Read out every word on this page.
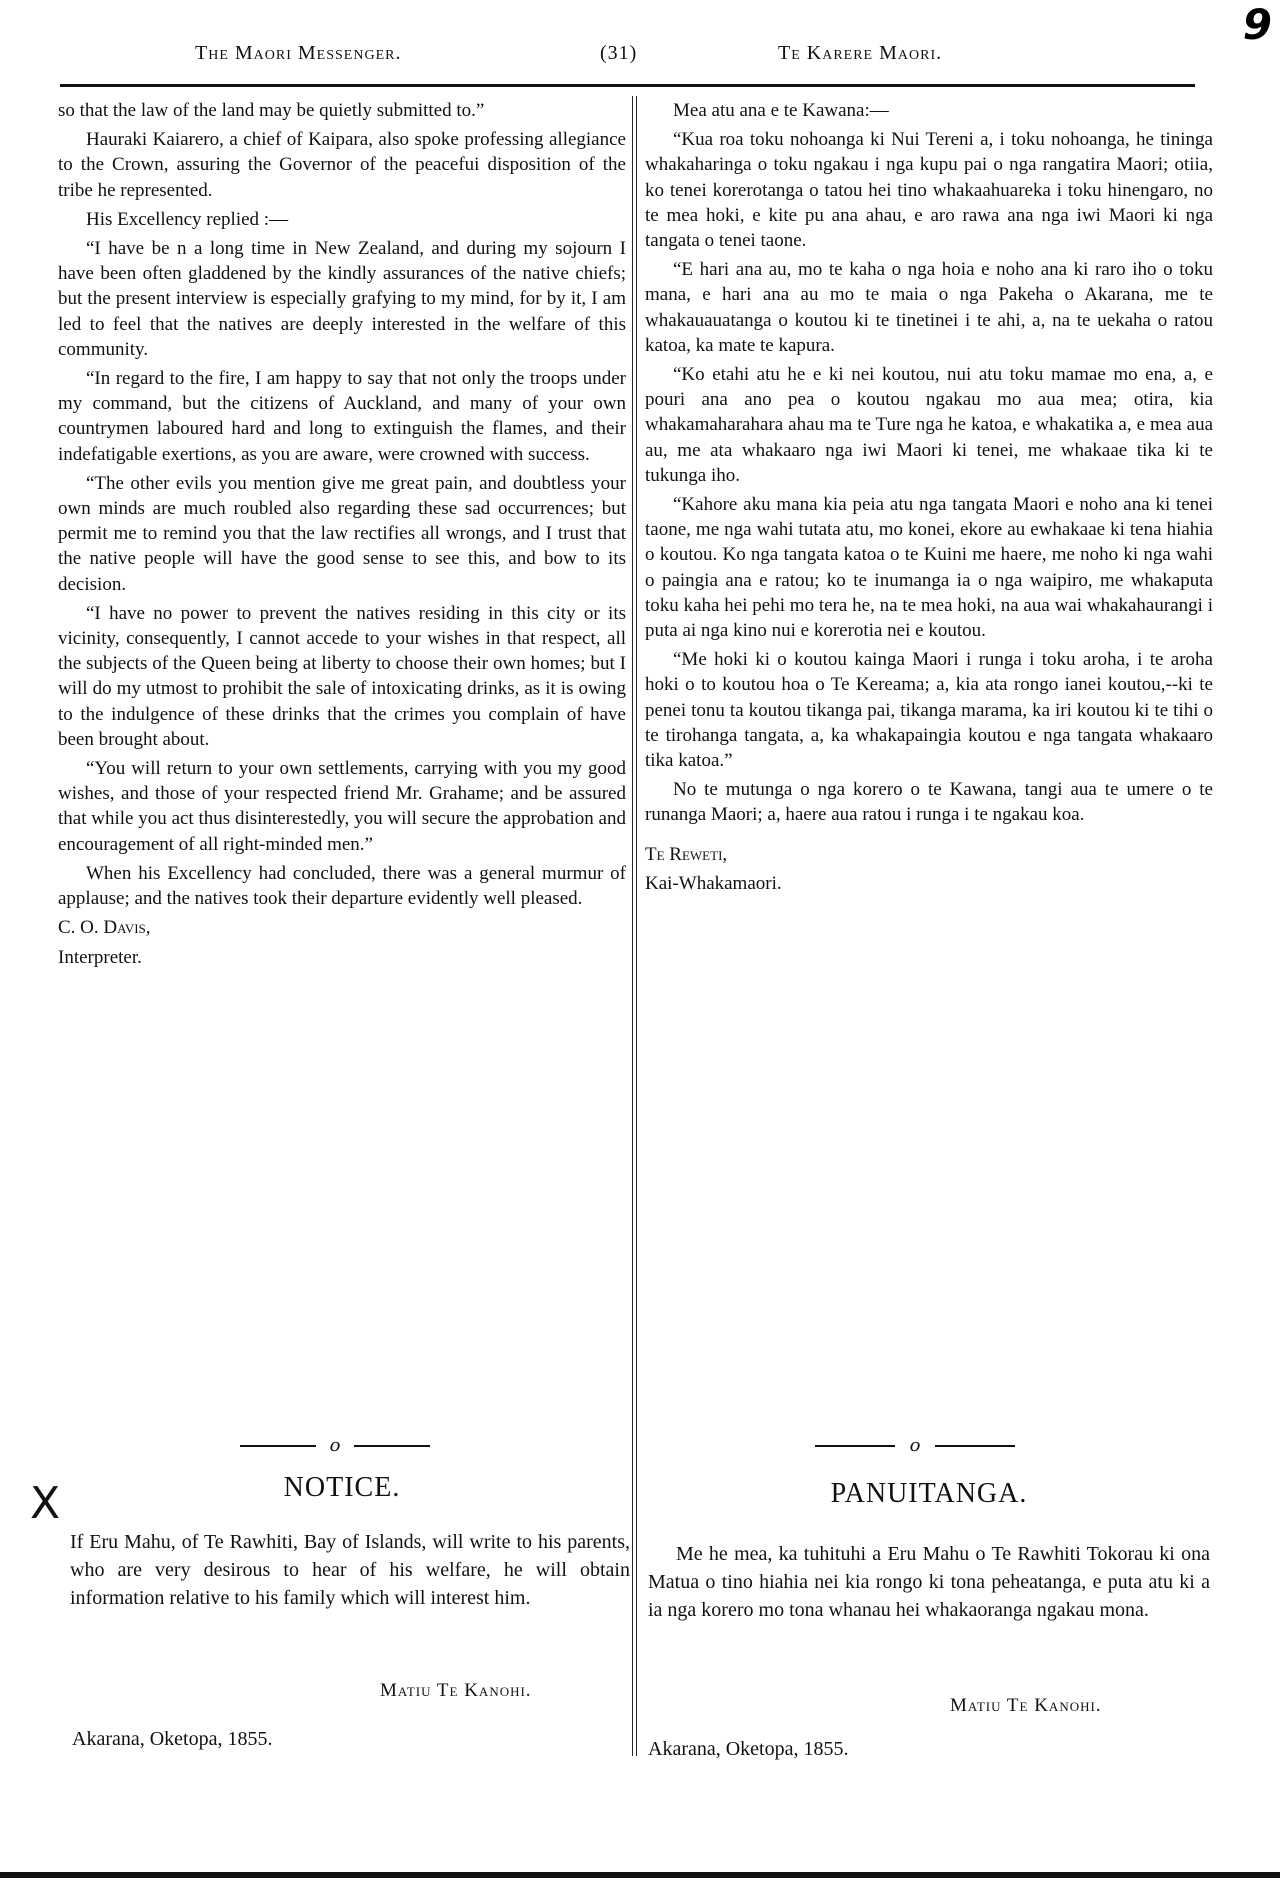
The Maori Messenger.	(31)	Te Karere Maori.
9

so that the law of the land may be quietly submitted to.”

Hauraki Kaiarero, a chief of Kaipara, also spoke professing allegiance to the Crown, assuring the Governor of the peacefui disposition of the tribe he represented.

His Excellency replied :—

“I have be n a long time in New Zealand, and during my sojourn I have been often gladdened by the kindly assurances of the native chiefs; but the present interview is especially grafying to my mind, for by it, I am led to feel that the natives are deeply interested in the welfare of this community.

“In regard to the fire, I am happy to say that not only the troops under my command, but the citizens of Auckland, and many of your own countrymen laboured hard and long to extinguish the flames, and their indefatigable exertions, as you are aware, were crowned with success.

“The other evils you mention give me great pain, and doubtless your own minds are much roubled also regarding these sad occurrences; but permit me to remind you that the law rectifies all wrongs, and I trust that the native people will have the good sense to see this, and bow to its decision.

“I have no power to prevent the natives residing in this city or its vicinity, consequently, I cannot accede to your wishes in that respect, all the subjects of the Queen being at liberty to choose their own homes; but I will do my utmost to prohibit the sale of intoxicating drinks, as it is owing to the indulgence of these drinks that the crimes you complain of have been brought about.

“You will return to your own settlements, carrying with you my good wishes, and those of your respected friend Mr. Grahame; and be assured that while you act thus disinterestedly, you will secure the approbation and encouragement of all right-minded men.”

When his Excellency had concluded, there was a general murmur of applause; and the natives took their departure evidently well pleased.

C. O. Davis,

Interpreter.

Mea atu ana e te Kawana:—

“Kua roa toku nohoanga ki Nui Tereni a, i toku nohoanga, he tininga whakaharinga o toku ngakau i nga kupu pai o nga rangatira Maori; otiia, ko tenei korerotanga o tatou hei tino whakaahuareka i toku hinengaro, no te mea hoki, e kite pu ana ahau, e aro rawa ana nga iwi Maori ki nga tangata o tenei taone.

“E hari ana au, mo te kaha o nga hoia e noho ana ki raro iho o toku mana, e hari ana au mo te maia o nga Pakeha o Akarana, me te whakauauatanga o koutou ki te tinetinei i te ahi, a, na te uekaha o ratou katoa, ka mate te kapura.

“Ko etahi atu he e ki nei koutou, nui atu toku mamae mo ena, a, e pouri ana ano pea o koutou ngakau mo aua mea; otira, kia whakamaharahara ahau ma te Ture nga he katoa, e whakatika a, e mea aua au, me ata whakaaro nga iwi Maori ki tenei, me whakaae tika ki te tukunga iho.

“Kahore aku mana kia peia atu nga tangata Maori e noho ana ki tenei taone, me nga wahi tutata atu, mo konei, ekore au ewhakaae ki tena hiahia o koutou. Ko nga tangata katoa o te Kuini me haere, me noho ki nga wahi o paingia ana e ratou; ko te inumanga ia o nga waipiro, me whakaputa toku kaha hei pehi mo tera he, na te mea hoki, na aua wai whakahaurangi i puta ai nga kino nui e korerotia nei e koutou.

“Me hoki ki o koutou kainga Maori i runga i toku aroha, i te aroha hoki o to koutou hoa o Te Kereama; a, kia ata rongo ianei koutou,--ki te penei tonu ta koutou tikanga pai, tikanga marama, ka iri koutou ki te tihi o te tirohanga tangata, a, ka whakapaingia koutou e nga tangata whakaaro tika katoa.”

No te mutunga o nga korero o te Kawana, tangi aua te umere o te runanga Maori; a, haere aua ratou i runga i te ngakau koa.

Te Reweti,

Kai-Whakamaori.

o	o
X	NOTICE.
If Eru Mahu, of Te Rawhiti, Bay of Islands, will write to his parents, who are very desirous to hear of his welfare, he will obtain information relative to his family which will interest him.
Matiu Te Kanohi.
Akarana, Oketopa, 1855.
PANUITANGA.
Me he mea, ka tuhituhi a Eru Mahu o Te Rawhiti Tokorau ki ona Matua o tino hiahia nei kia rongo ki tona peheatanga, e puta atu ki a ia nga korero mo tona whanau hei whakaoranga ngakau mona.
Matiu Te Kanohi.
Akarana, Oketopa, 1855.
